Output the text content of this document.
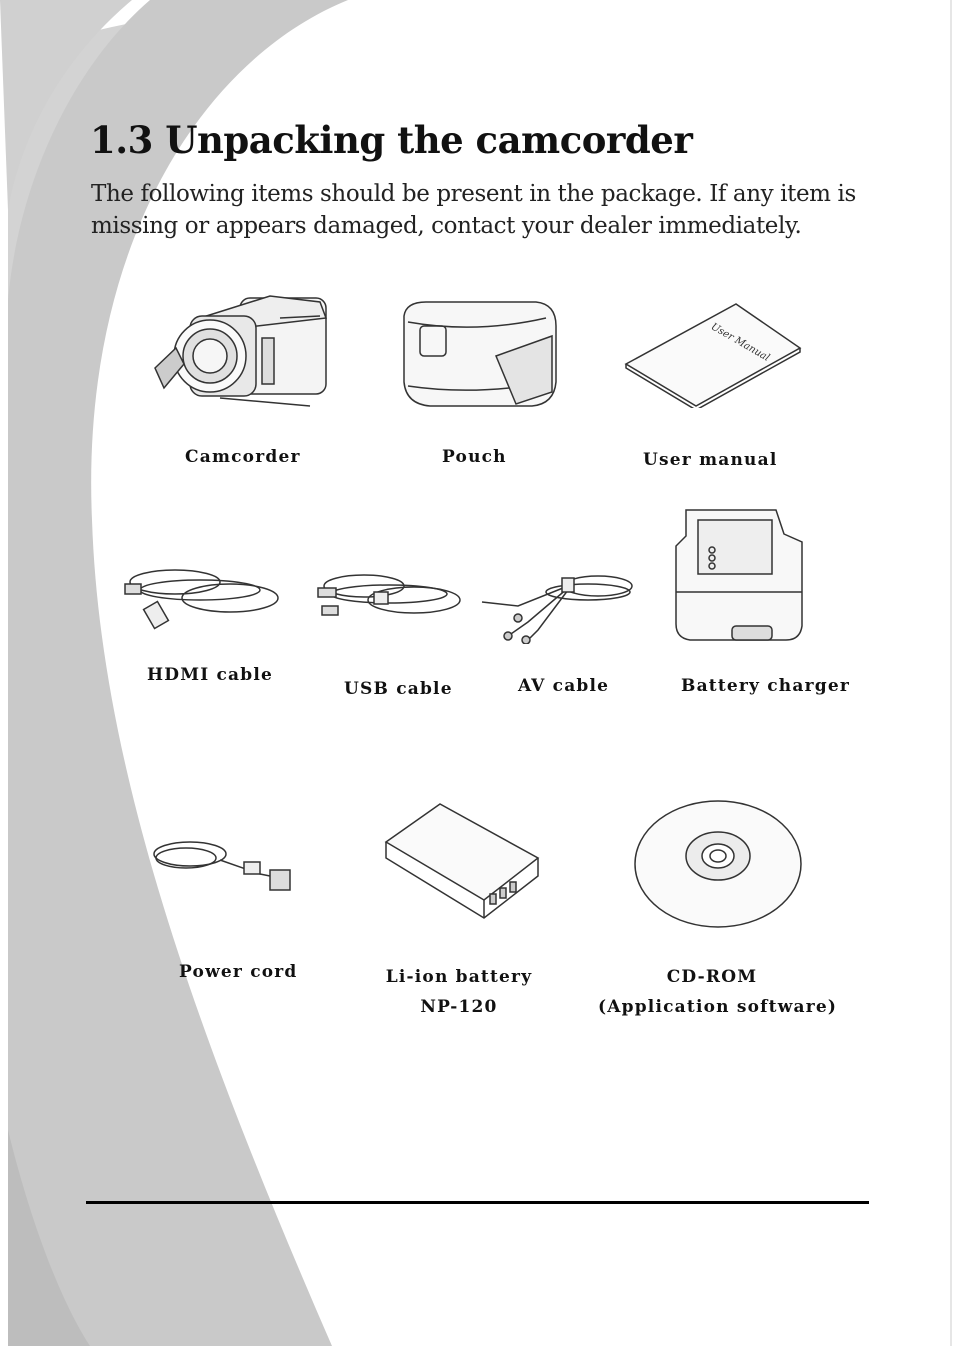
1.3 Unpacking the camcorder

The following items should be present in the package. If any item is
missing or appears damaged, contact your dealer immediately.

User Manual
Camcorder	Pouch	User manual
HDMI cable
USB cable	AV cable	Battery charger
Power cord	Li-ion battery
NP-120
CD-ROM
(Application software)
